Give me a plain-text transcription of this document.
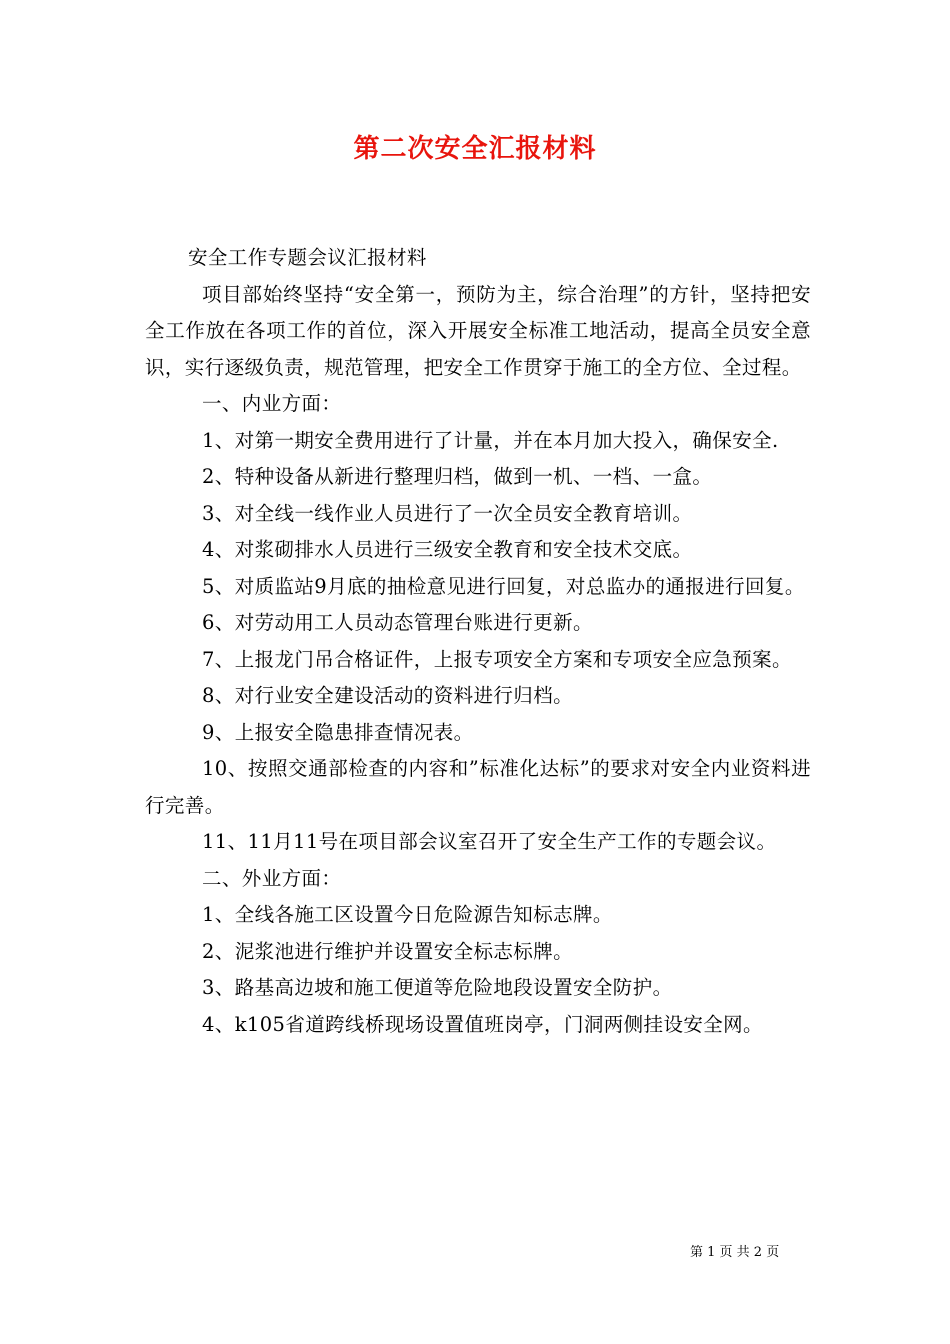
第二次安全汇报材料

安全工作专题会议汇报材料

项目部始终坚持“安全第一，预防为主，综合治理”的方针，坚持把安全工作放在各项工作的首位，深入开展安全标准工地活动，提高全员安全意识，实行逐级负责，规范管理，把安全工作贯穿于施工的全方位、全过程。

一、内业方面：

1、对第一期安全费用进行了计量，并在本月加大投入，确保安全.

2、特种设备从新进行整理归档，做到一机、一档、一盒。

3、对全线一线作业人员进行了一次全员安全教育培训。

4、对浆砌排水人员进行三级安全教育和安全技术交底。

5、对质监站9月底的抽检意见进行回复，对总监办的通报进行回复。

6、对劳动用工人员动态管理台账进行更新。

7、上报龙门吊合格证件，上报专项安全方案和专项安全应急预案。

8、对行业安全建设活动的资料进行归档。

9、上报安全隐患排查情况表。

10、按照交通部检查的内容和”标准化达标”的要求对安全内业资料进行完善。

11、11月11号在项目部会议室召开了安全生产工作的专题会议。

二、外业方面：

1、全线各施工区设置今日危险源告知标志牌。

2、泥浆池进行维护并设置安全标志标牌。

3、路基高边坡和施工便道等危险地段设置安全防护。

4、k105省道跨线桥现场设置值班岗亭，门洞两侧挂设安全网。

第 1 页 共 2 页
